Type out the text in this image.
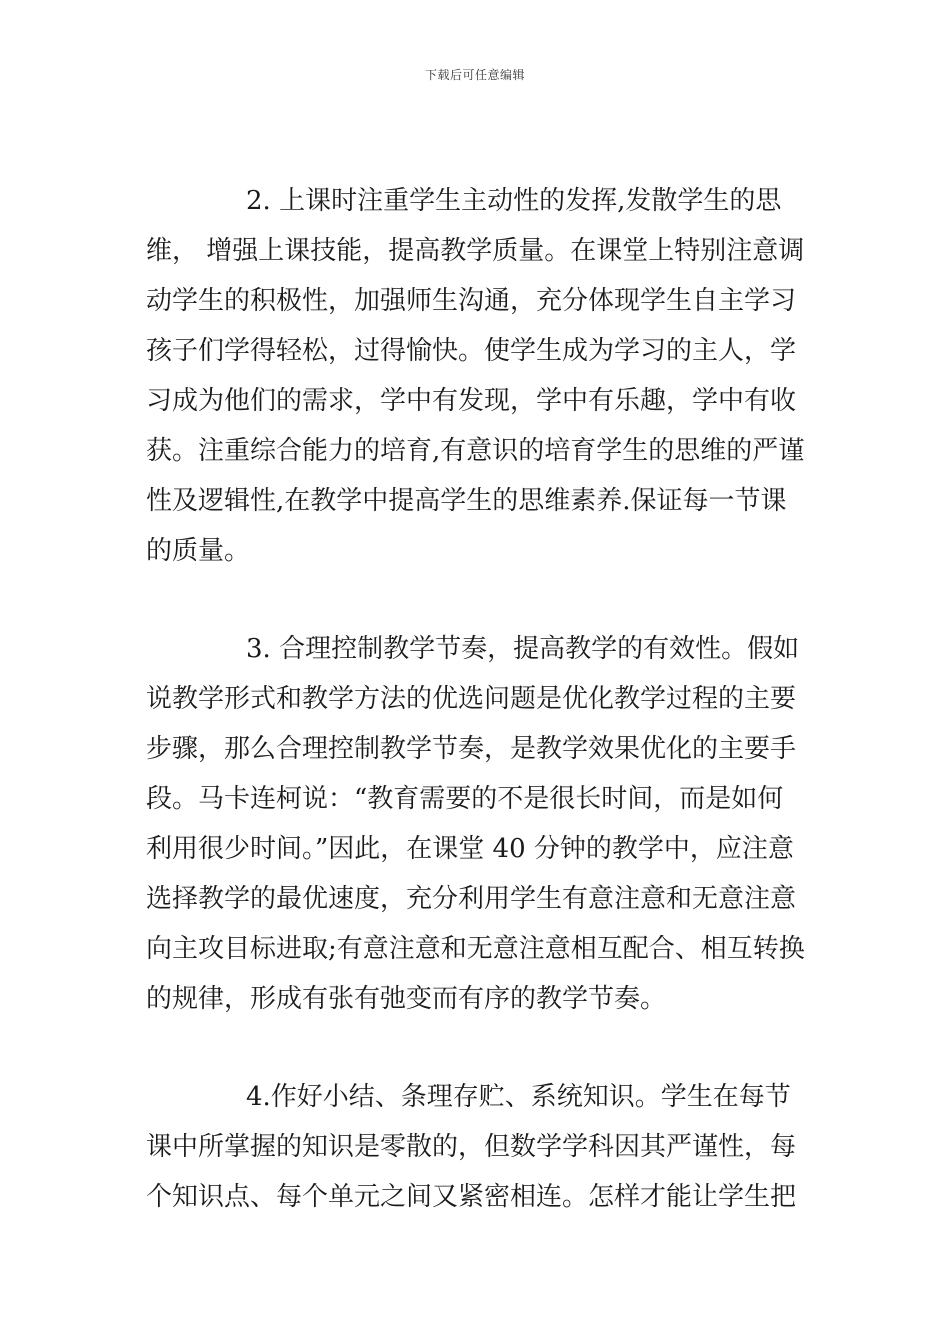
下载后可任意编辑
2. 上课时注重学生主动性的发挥,发散学生的思
维， 增强上课技能，提高教学质量。在课堂上特别注意调
动学生的积极性，加强师生沟通，充分体现学生自主学习
孩子们学得轻松，过得愉快。使学生成为学习的主人，学
习成为他们的需求，学中有发现，学中有乐趣，学中有收
获。注重综合能力的培育,有意识的培育学生的思维的严谨
性及逻辑性,在教学中提高学生的思维素养.保证每一节课
的质量。
3. 合理控制教学节奏，提高教学的有效性。假如
说教学形式和教学方法的优选问题是优化教学过程的主要
步骤，那么合理控制教学节奏，是教学效果优化的主要手
段。马卡连柯说：“教育需要的不是很长时间，而是如何
利用很少时间。”因此，在课堂 40 分钟的教学中，应注意
选择教学的最优速度，充分利用学生有意注意和无意注意
向主攻目标进取;有意注意和无意注意相互配合、相互转换
的规律，形成有张有弛变而有序的教学节奏。
4.作好小结、条理存贮、系统知识。学生在每节
课中所掌握的知识是零散的，但数学学科因其严谨性，每
个知识点、每个单元之间又紧密相连。怎样才能让学生把
